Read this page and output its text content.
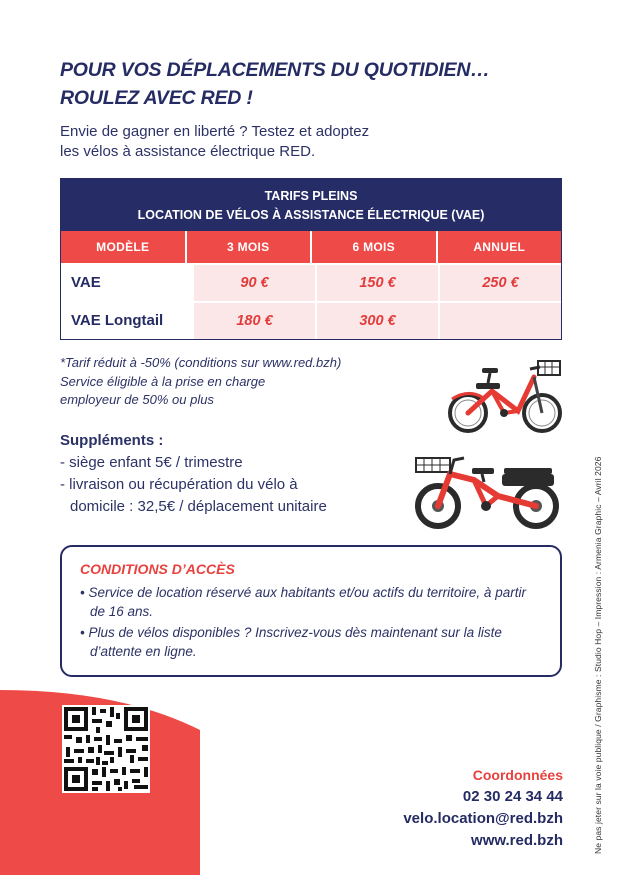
POUR VOS DÉPLACEMENTS DU QUOTIDIEN…
ROULEZ AVEC RED !
Envie de gagner en liberté ? Testez et adoptez
les vélos à assistance électrique RED.
TARIFS PLEINS
LOCATION DE VÉLOS À ASSISTANCE ÉLECTRIQUE (VAE)
MODÈLE	3 MOIS	6 MOIS	ANNUEL
VAE	90 €	150 €	250 €
VAE Longtail	180 €	300 €
*Tarif réduit à -50% (conditions sur www.red.bzh)
Service éligible à la prise en charge
employeur de 50% ou plus
Suppléments :
- siège enfant 5€ / trimestre
- livraison ou récupération du vélo à
domicile : 32,5€ / déplacement unitaire
CONDITIONS D’ACCÈS
• Service de location réservé aux habitants et/ou actifs du territoire, à partir de 16 ans.
• Plus de vélos disponibles ? Inscrivez-vous dès maintenant sur la liste d’attente en ligne.
Coordonnées
02 30 24 34 44
velo.location@red.bzh
www.red.bzh	Ne pas jeter sur la voie publique / Graphisme : Studio Hop – Impression : Armenia Graphic – Avril 2026
